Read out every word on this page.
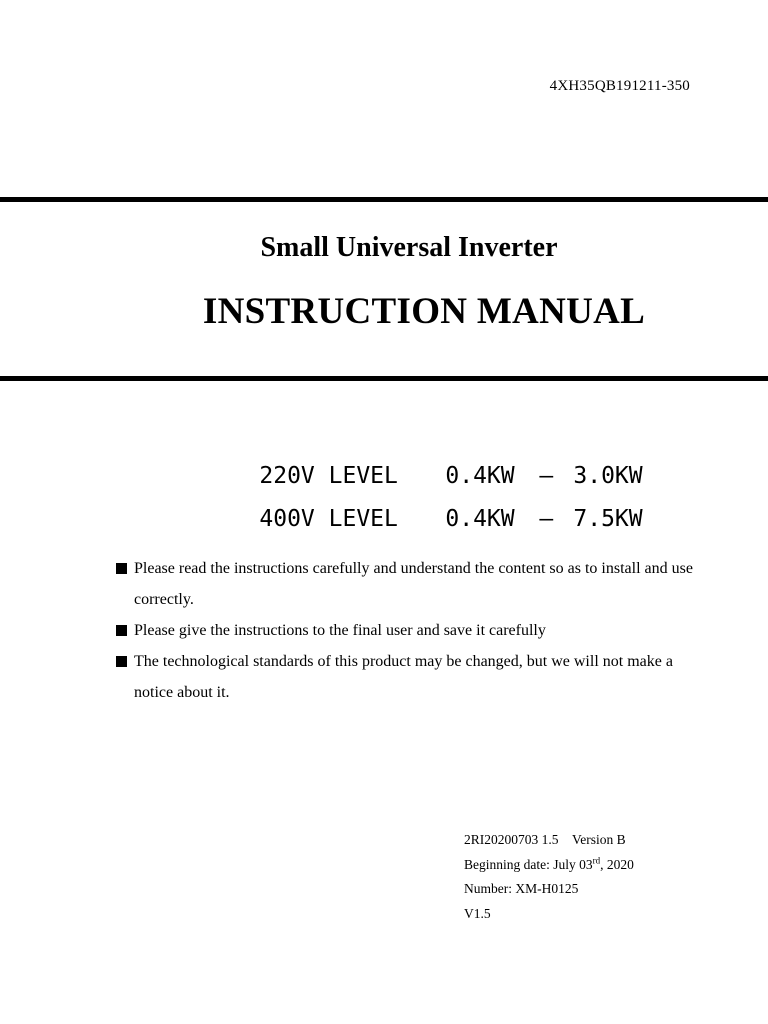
4XH35QB191211-350
Small Universal Inverter
INSTRUCTION MANUAL

220V LEVEL 0.4KW – 3.0KW

400V LEVEL 0.4KW – 7.5KW

Please read the instructions carefully and understand the content so as to install and use correctly.
Please give the instructions to the final user and save it carefully
The technological standards of this product may be changed, but we will not make a notice about it.
2RI20200703 1.5    Version B
Beginning date: July 03rd, 2020
Number: XM-H0125
V1.5
